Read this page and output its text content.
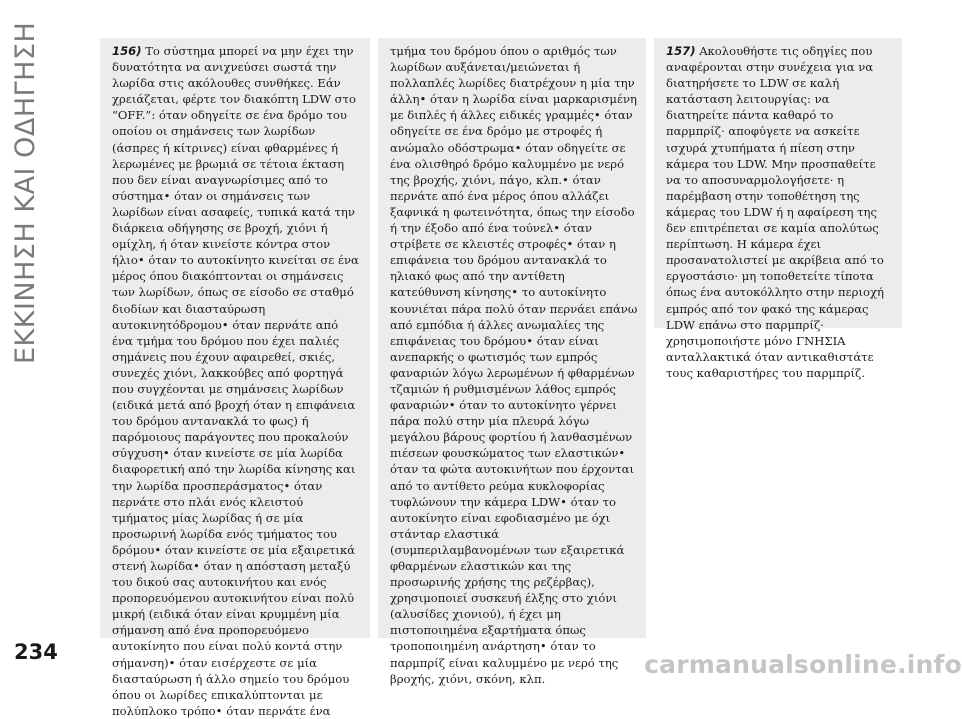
ΕΚΚΙΝΗΣΗ ΚΑΙ ΟΔΗΓΗΣΗ	156) Το σύστημα μπορεί να μην έχει την δυνατότητα να ανιχνεύσει σωστά την λωρίδα στις ακόλουθες συνθήκες. Εάν χρειάζεται, φέρτε τον διακόπτη LDW στο “OFF.”: όταν οδηγείτε σε ένα δρόμο του οποίου οι σημάνσεις των λωρίδων (άσπρες ή κίτρινες) είναι φθαρμένες ή λερωμένες με βρωμιά σε τέτοια έκταση που δεν είναι αναγνωρίσιμες από το σύστημα• όταν οι σημάνσεις των λωρίδων είναι ασαφείς, τυπικά κατά την διάρκεια οδήγησης σε βροχή, χιόνι ή ομίχλη, ή όταν κινείστε κόντρα στον ήλιο• όταν το αυτοκίνητο κινείται σε ένα μέρος όπου διακόπτονται οι σημάνσεις των λωρίδων, όπως σε είσοδο σε σταθμό διοδίων και διασταύρωση αυτοκινητόδρομου• όταν περνάτε από ένα τμήμα του δρόμου που έχει παλιές σημάνεις που έχουν αφαιρεθεί, σκιές, συνεχές χιόνι, λακκούβες από φορτηγά που συγχέονται με σημάνσεις λωρίδων (ειδικά μετά από βροχή όταν η επιφάνεια του δρόμου αντανακλά το φως) ή παρόμοιους παράγοντες που προκαλούν σύγχυση• όταν κινείστε σε μία λωρίδα διαφορετική από την λωρίδα κίνησης και την λωρίδα προσπεράσματος• όταν περνάτε στο πλάι ενός κλειστού τμήματος μίας λωρίδας ή σε μία προσωρινή λωρίδα ενός τμήματος του δρόμου• όταν κινείστε σε μία εξαιρετικά στενή λωρίδα• όταν η απόσταση μεταξύ του δικού σας αυτοκινήτου και ενός προπορευόμενου αυτοκινήτου είναι πολύ μικρή (ειδικά όταν είναι κρυμμένη μία σήμανση από ένα προπορευόμενο αυτοκίνητο που είναι πολύ κοντά στην σήμανση)• όταν εισέρχεστε σε μία διασταύρωση ή άλλο σημείο του δρόμου όπου οι λωρίδες επικαλύπτονται με πολύπλοκο τρόπο• όταν περνάτε ένα

τμήμα του δρόμου όπου ο αριθμός των λωρίδων αυξάνεται/μειώνεται ή πολλαπλές λωρίδες διατρέχουν η μία την άλλη• όταν η λωρίδα είναι μαρκαρισμένη με διπλές ή άλλες ειδικές γραμμές• όταν οδηγείτε σε ένα δρόμο με στροφές ή ανώμαλο οδόστρωμα• όταν οδηγείτε σε ένα ολισθηρό δρόμο καλυμμένο με νερό της βροχής, χιόνι, πάγο, κλπ.• όταν περνάτε από ένα μέρος όπου αλλάζει ξαφνικά η φωτεινότητα, όπως την είσοδο ή την έξοδο από ένα τούνελ• όταν στρίβετε σε κλειστές στροφές• όταν η επιφάνεια του δρόμου αντανακλά το ηλιακό φως από την αντίθετη κατεύθυνση κίνησης• το αυτοκίνητο κουνιέται πάρα πολύ όταν περνάει επάνω από εμπόδια ή άλλες ανωμαλίες της επιφάνειας του δρόμου• όταν είναι ανεπαρκής ο φωτισμός των εμπρός φαναριών λόγω λερωμένων ή φθαρμένων τζαμιών ή ρυθμισμένων λάθος εμπρός φαναριών• όταν το αυτοκίνητο γέρνει πάρα πολύ στην μία πλευρά λόγω μεγάλου βάρους φορτίου ή λανθασμένων πιέσεων φουσκώματος των ελαστικών• όταν τα φώτα αυτοκινήτων που έρχονται από το αντίθετο ρεύμα κυκλοφορίας τυφλώνουν την κάμερα LDW• όταν το αυτοκίνητο είναι εφοδιασμένο με όχι στάνταρ ελαστικά (συμπεριλαμβανομένων των εξαιρετικά φθαρμένων ελαστικών και της προσωρινής χρήσης της ρεζέρβας), χρησιμοποιεί συσκευή έλξης στο χιόνι (αλυσίδες χιονιού), ή έχει μη πιστοποιημένα εξαρτήματα όπως τροποποιημένη ανάρτηση• όταν το παρμπρίζ είναι καλυμμένο με νερό της βροχής, χιόνι, σκόνη, κλπ.

157) Ακολουθήστε τις οδηγίες που αναφέρονται στην συνέχεια για να διατηρήσετε το LDW σε καλή κατάσταση λειτουργίας: να διατηρείτε πάντα καθαρό το παρμπρίζ· αποφύγετε να ασκείτε ισχυρά χτυπήματα ή πίεση στην κάμερα του LDW. Μην προσπαθείτε να το αποσυναρμολογήσετε· η παρέμβαση στην τοποθέτηση της κάμερας του LDW ή η αφαίρεση της δεν επιτρέπεται σε καμία απολύτως περίπτωση. Η κάμερα έχει προσανατολιστεί με ακρίβεια από το εργοστάσιο· μη τοποθετείτε τίποτα όπως ένα αυτοκόλλητο στην περιοχή εμπρός από τον φακό της κάμερας LDW επάνω στο παρμπρίζ· χρησιμοποιήστε μόνο ΓΝΗΣΙΑ ανταλλακτικά όταν αντικαθιστάτε τους καθαριστήρες του παρμπρίζ.

234	carmanualsonline.info
